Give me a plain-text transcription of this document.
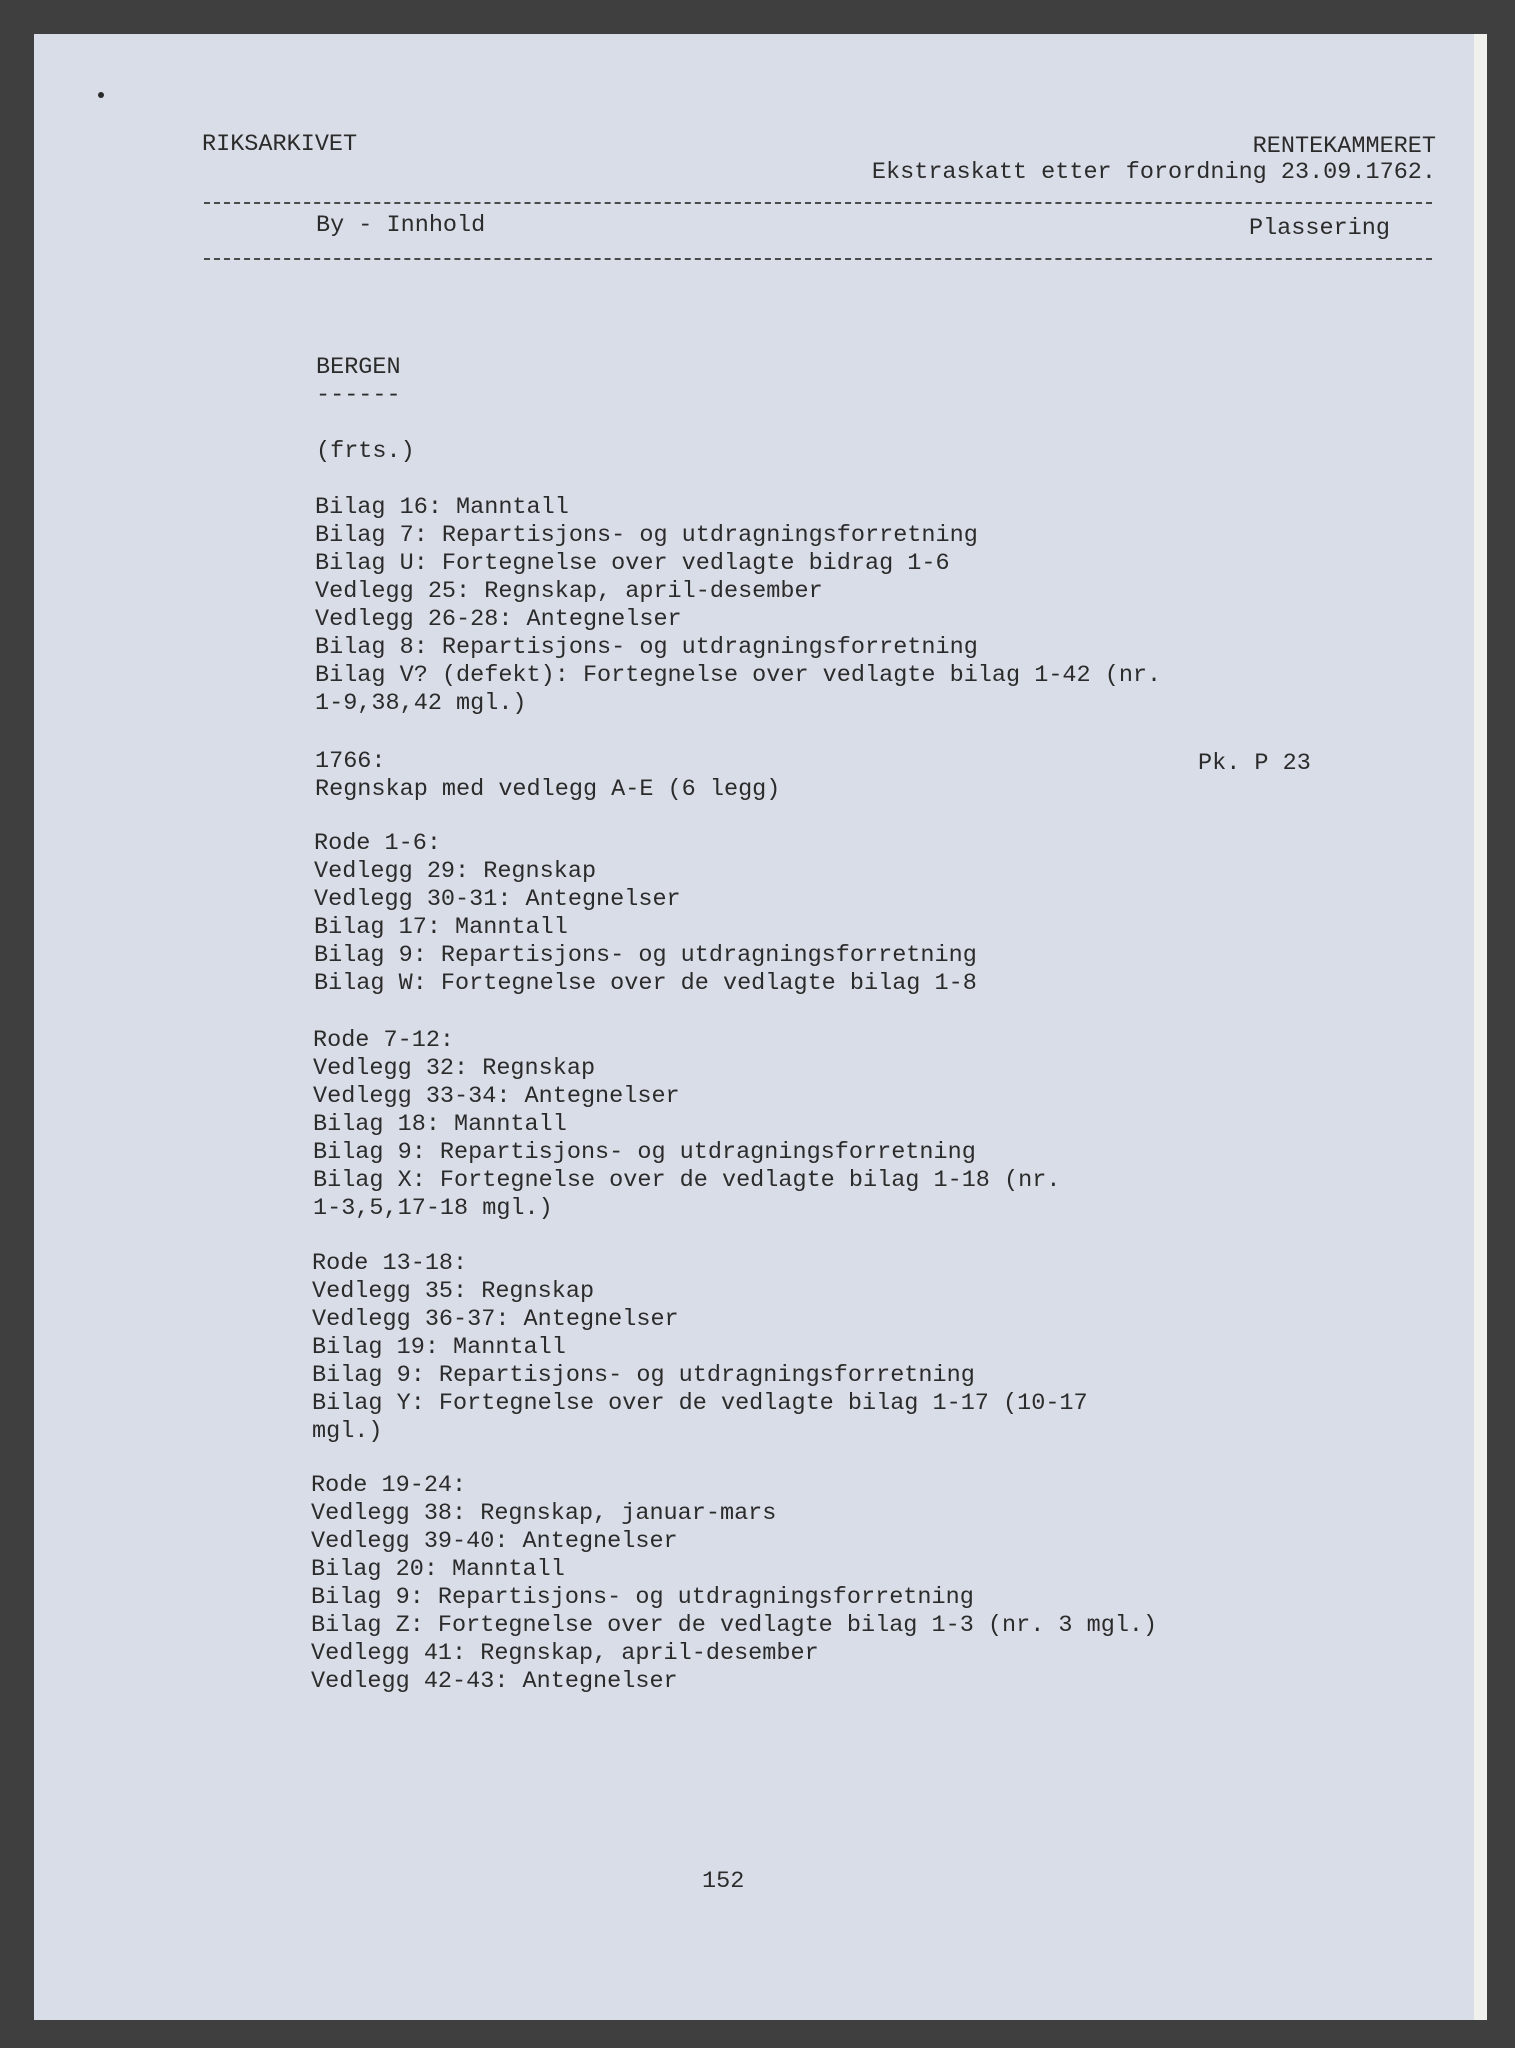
RIKSARKIVET	RENTEKAMMERET
Ekstraskatt etter forordning 23.09.1762.
By - Innhold	Plassering
BERGEN
------
(frts.)
Bilag 16: Manntall
Bilag 7: Repartisjons- og utdragningsforretning
Bilag U: Fortegnelse over vedlagte bidrag 1-6
Vedlegg 25: Regnskap, april-desember
Vedlegg 26-28: Antegnelser
Bilag 8: Repartisjons- og utdragningsforretning
Bilag V? (defekt): Fortegnelse over vedlagte bilag 1-42 (nr.
1-9,38,42 mgl.)
1766:	Pk. P 23
Regnskap med vedlegg A-E (6 legg)
Rode 1-6:
Vedlegg 29: Regnskap
Vedlegg 30-31: Antegnelser
Bilag 17: Manntall
Bilag 9: Repartisjons- og utdragningsforretning
Bilag W: Fortegnelse over de vedlagte bilag 1-8
Rode 7-12:
Vedlegg 32: Regnskap
Vedlegg 33-34: Antegnelser
Bilag 18: Manntall
Bilag 9: Repartisjons- og utdragningsforretning
Bilag X: Fortegnelse over de vedlagte bilag 1-18 (nr.
1-3,5,17-18 mgl.)
Rode 13-18:
Vedlegg 35: Regnskap
Vedlegg 36-37: Antegnelser
Bilag 19: Manntall
Bilag 9: Repartisjons- og utdragningsforretning
Bilag Y: Fortegnelse over de vedlagte bilag 1-17 (10-17
mgl.)
Rode 19-24:
Vedlegg 38: Regnskap, januar-mars
Vedlegg 39-40: Antegnelser
Bilag 20: Manntall
Bilag 9: Repartisjons- og utdragningsforretning
Bilag Z: Fortegnelse over de vedlagte bilag 1-3 (nr. 3 mgl.)
Vedlegg 41: Regnskap, april-desember
Vedlegg 42-43: Antegnelser
152
